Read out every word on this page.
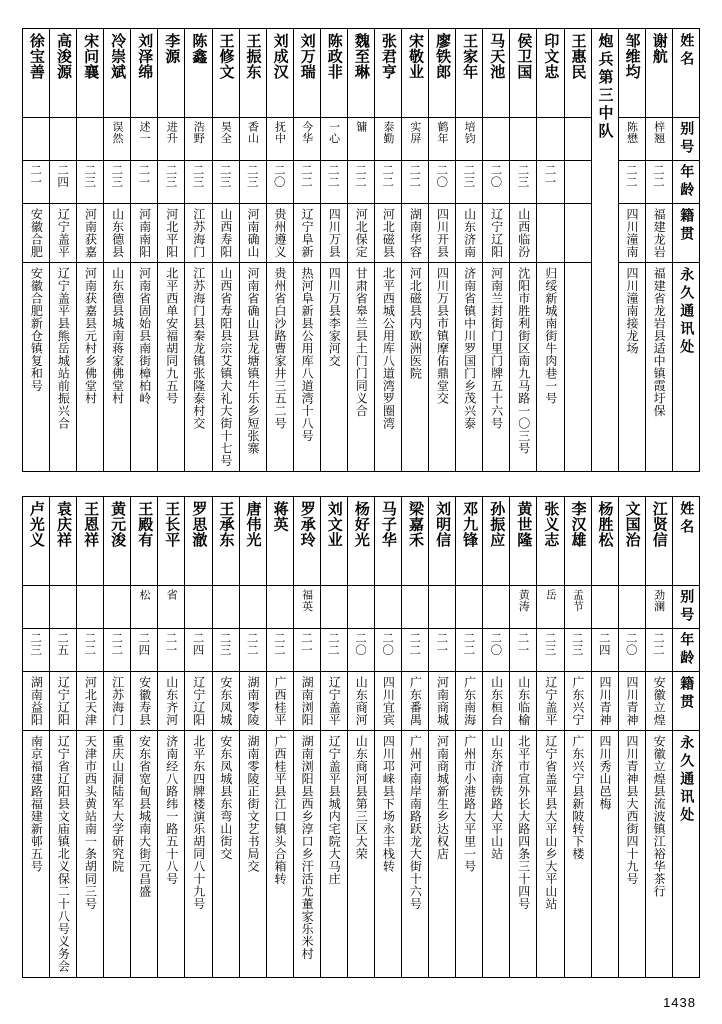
徐宝善	高浚源	宋问襄	冷崇斌	刘泽绵	李源	陈鑫	王修文	王振东	刘成汉	刘万瑞	陈政非	魏至琳	张君亨	宋敬业	廖铁郎	王家年	马天池	侯卫国	印文忠	王惠民	炮兵第三中队	邹维均	谢航	姓名

			误然	述一	进升	浩野	昊全	香山	抚中	今华	一心	镛	泰勤	实屏	鹤年	培钧						陈懋	梓翘	别号

二一	二四	二三	二三	二一	二三	二三	二三	二三	二〇	二二	二二	二二	二二	二二	二〇	二三	二〇	二三	二一			二二	二二	年龄

安徽合肥	辽宁盖平	河南获嘉	山东德县	河南南阳	河北平阳	江苏海门	山西寿阳	河南确山	贵州遵义	辽宁阜新	四川万县	河北保定	河北磁县	湖南华容	四川开县	山东济南	辽宁辽阳	山西临汾				四川潼南	福建龙岩	籍贯

安徽合肥新仓镇复和号	辽宁盖平县熊岳城站前振兴合	河南获嘉县元村乡佛堂村	山东德县城南蒋家佛堂村	河南省固始县南街樟柏岭	北平西单安福胡同九五号	江苏海门县秦龙镇张隆泰村交	山西省寿阳县宗艾镇大礼大街十七号	河南省确山县龙塘镇牛乐乡短张寨	贵州省白沙路曹家井三五二号	热河阜新县公用库八道湾十八号	四川万县李家河交	甘肃省皋兰县土门门同义合	北平西城公用库八道湾罗圈湾	河北磁县内欧洲医院	四川万县市镇摩佑鼎堂交	济南省镇中川罗国门乡茂兴泰	河南兰封街门里门牌五十六号	沈阳市胜利街区南九马路一〇三号	归绥新城南街牛肉巷一号			四川潼南接龙场	福建省龙岩县适中镇霞圩保	永久通讯处
卢光义	袁庆祥	王恩祥	黄元浚	王殿有	王长平	罗思澈	王承东	唐伟光	蒋英	罗承玲	刘文业	杨好光	马子华	梁嘉禾	刘明信	邓九锋	孙振应	黄世隆	张义志	李汉雄	杨胜松	文国治	江贤信	姓名

				松	省					福英								黄涛	岳	孟节			劲澜	别号

二三	二五	二二	二二	二四	二一	二四	二三	二二	二二	二一	二二	二〇	二〇	二二	二一	二二	二〇	二一	二三	二三	二四	二〇	二二	年龄

湖南益阳	辽宁辽阳	河北天津	江苏海门	安徽寿县	山东齐河	辽宁辽阳	安东凤城	湖南零陵	广西桂平	湖南浏阳	辽宁盖平	山东商河	四川宜宾	广东番禺	河南商城	广东南海	山东桓台	山东临榆	辽宁盖平	广东兴宁	四川青神	四川青神	安徽立煌	籍贯

南京福建路福建新邨五号	辽宁省辽阳县文庙镇北义保二十八号义务会	天津市西头黄站南一条胡同三号	重庆山洞陆军大学研究院	安东省宽甸县城南大街元昌盛	济南经八路纬一路五十八号	北平东四牌楼演乐胡同八十九号	安东凤城县东弯山街交	湖南零陵正街文艺书局交	广西桂平县江口镇头合箱转	湖南浏阳县西乡淳口乡汗活尤董家乐米村	辽宁盖平县城内宅院大马庄	山东商河县第三区大荣	四川邛崃县下场永丰栈转	广州河南岸南路跃龙大街十六号	河南商城新生乡达权店	广州市小港路大平里一号	山东济南铁路大平山站	北平市宣外长大路四条三十四号	辽宁省盖平县大平山乡大平山站	广东兴宁县新陂转下楼	四川秀山邑梅	四川青神县大西街四十九号	安徽立煌县流波镇江裕华茶行	永久通讯处
1438
